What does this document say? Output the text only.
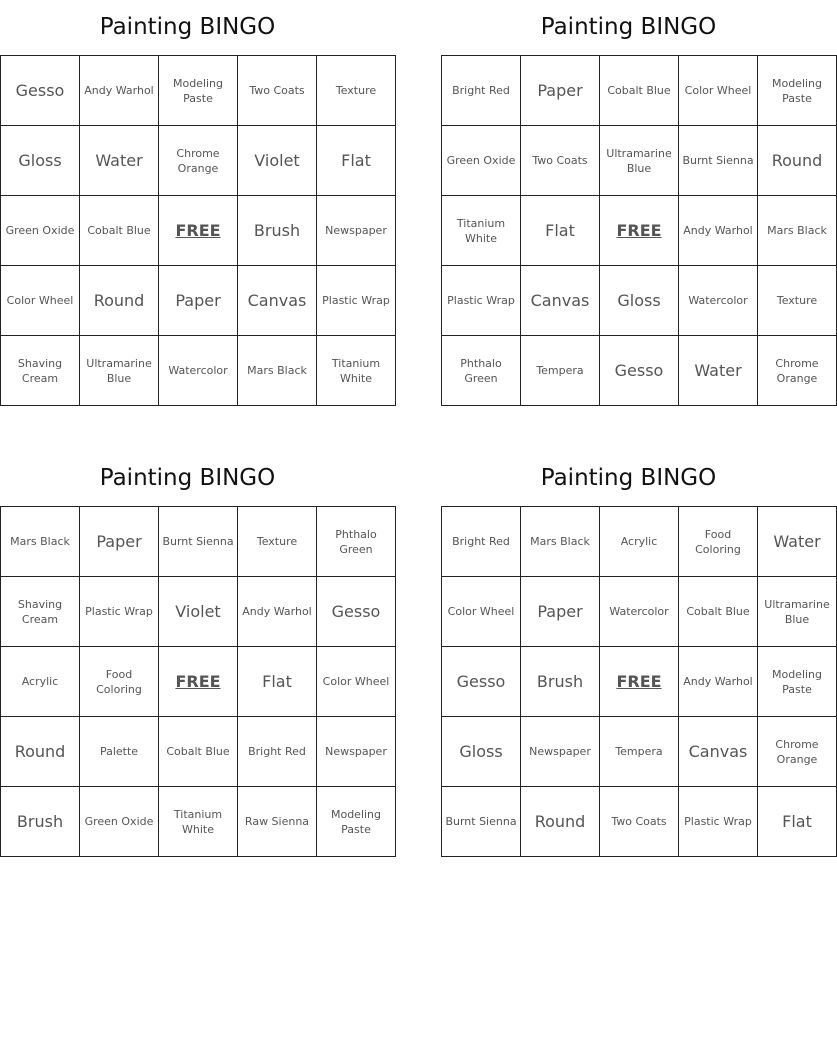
Painting BINGO
Gesso	Andy Warhol	Modeling Paste	Two Coats	Texture
Gloss	Water	Chrome Orange	Violet	Flat
Green Oxide	Cobalt Blue	FREE	Brush	Newspaper
Color Wheel	Round	Paper	Canvas	Plastic Wrap
Shaving Cream	Ultramarine Blue	Watercolor	Mars Black	Titanium White
Painting BINGO
Bright Red	Paper	Cobalt Blue	Color Wheel	Modeling Paste
Green Oxide	Two Coats	Ultramarine Blue	Burnt Sienna	Round
Titanium White	Flat	FREE	Andy Warhol	Mars Black
Plastic Wrap	Canvas	Gloss	Watercolor	Texture
Phthalo Green	Tempera	Gesso	Water	Chrome Orange
Painting BINGO
Mars Black	Paper	Burnt Sienna	Texture	Phthalo Green
Shaving Cream	Plastic Wrap	Violet	Andy Warhol	Gesso
Acrylic	Food Coloring	FREE	Flat	Color Wheel
Round	Palette	Cobalt Blue	Bright Red	Newspaper
Brush	Green Oxide	Titanium White	Raw Sienna	Modeling Paste
Painting BINGO
Bright Red	Mars Black	Acrylic	Food Coloring	Water
Color Wheel	Paper	Watercolor	Cobalt Blue	Ultramarine Blue
Gesso	Brush	FREE	Andy Warhol	Modeling Paste
Gloss	Newspaper	Tempera	Canvas	Chrome Orange
Burnt Sienna	Round	Two Coats	Plastic Wrap	Flat
